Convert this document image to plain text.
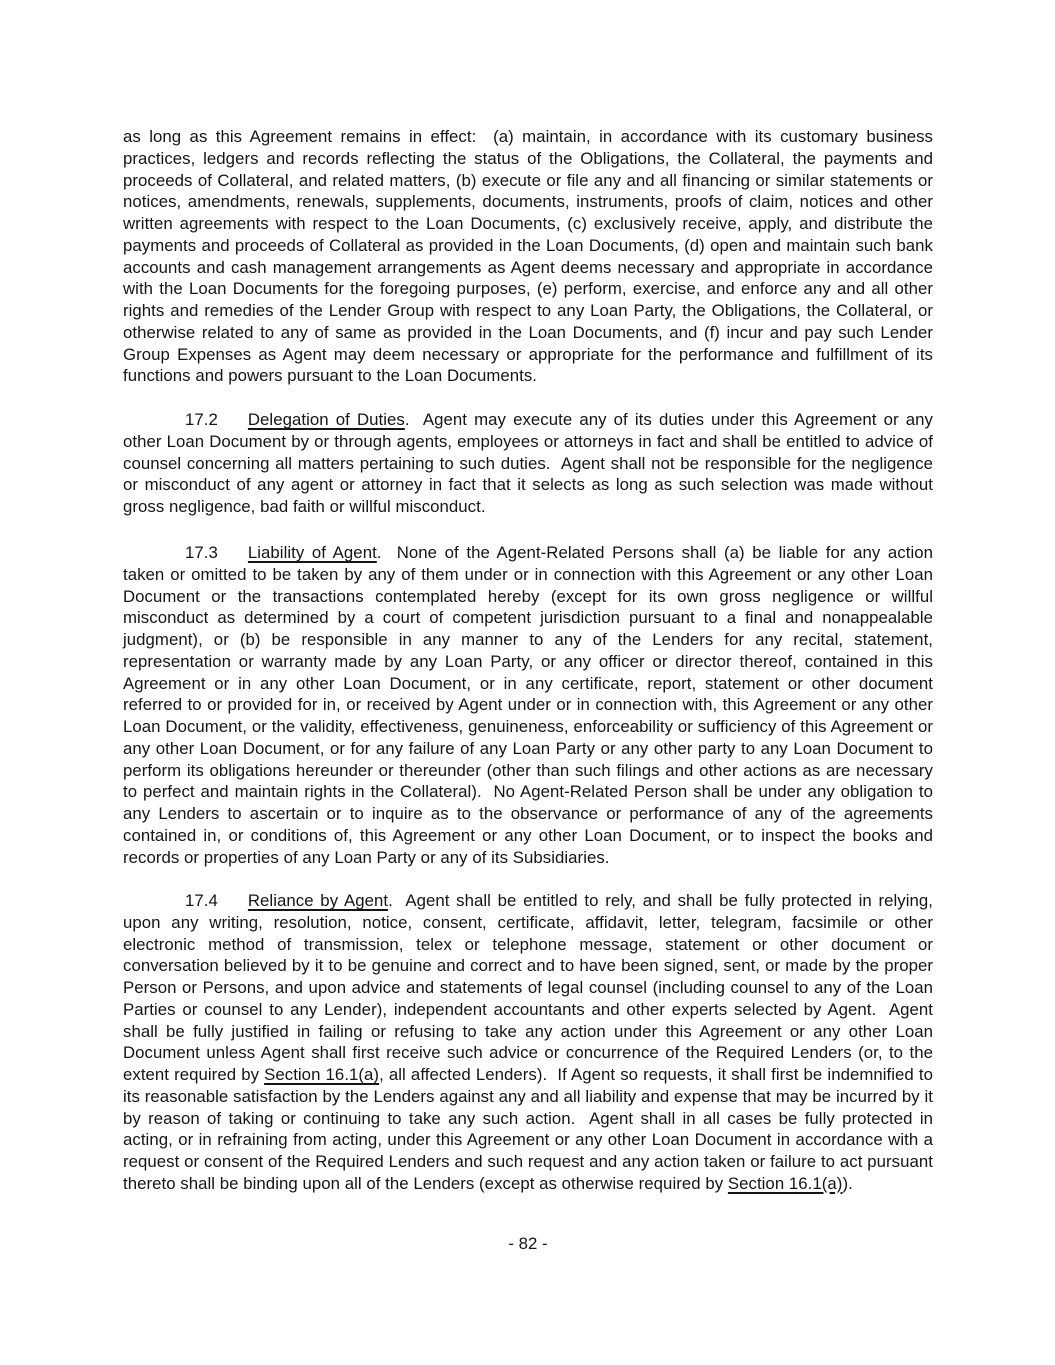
as long as this Agreement remains in effect:  (a) maintain, in accordance with its customary business practices, ledgers and records reflecting the status of the Obligations, the Collateral, the payments and proceeds of Collateral, and related matters, (b) execute or file any and all financing or similar statements or notices, amendments, renewals, supplements, documents, instruments, proofs of claim, notices and other written agreements with respect to the Loan Documents, (c) exclusively receive, apply, and distribute the payments and proceeds of Collateral as provided in the Loan Documents, (d) open and maintain such bank accounts and cash management arrangements as Agent deems necessary and appropriate in accordance with the Loan Documents for the foregoing purposes, (e) perform, exercise, and enforce any and all other rights and remedies of the Lender Group with respect to any Loan Party, the Obligations, the Collateral, or otherwise related to any of same as provided in the Loan Documents, and (f) incur and pay such Lender Group Expenses as Agent may deem necessary or appropriate for the performance and fulfillment of its functions and powers pursuant to the Loan Documents.

17.2 Delegation of Duties.  Agent may execute any of its duties under this Agreement or any other Loan Document by or through agents, employees or attorneys in fact and shall be entitled to advice of counsel concerning all matters pertaining to such duties.  Agent shall not be responsible for the negligence or misconduct of any agent or attorney in fact that it selects as long as such selection was made without gross negligence, bad faith or willful misconduct.

17.3 Liability of Agent.  None of the Agent-Related Persons shall (a) be liable for any action taken or omitted to be taken by any of them under or in connection with this Agreement or any other Loan Document or the transactions contemplated hereby (except for its own gross negligence or willful misconduct as determined by a court of competent jurisdiction pursuant to a final and nonappealable judgment), or (b) be responsible in any manner to any of the Lenders for any recital, statement, representation or warranty made by any Loan Party, or any officer or director thereof, contained in this Agreement or in any other Loan Document, or in any certificate, report, statement or other document referred to or provided for in, or received by Agent under or in connection with, this Agreement or any other Loan Document, or the validity, effectiveness, genuineness, enforceability or sufficiency of this Agreement or any other Loan Document, or for any failure of any Loan Party or any other party to any Loan Document to perform its obligations hereunder or thereunder (other than such filings and other actions as are necessary to perfect and maintain rights in the Collateral).  No Agent-Related Person shall be under any obligation to any Lenders to ascertain or to inquire as to the observance or performance of any of the agreements contained in, or conditions of, this Agreement or any other Loan Document, or to inspect the books and records or properties of any Loan Party or any of its Subsidiaries.

17.4 Reliance by Agent.  Agent shall be entitled to rely, and shall be fully protected in relying, upon any writing, resolution, notice, consent, certificate, affidavit, letter, telegram, facsimile or other electronic method of transmission, telex or telephone message, statement or other document or conversation believed by it to be genuine and correct and to have been signed, sent, or made by the proper Person or Persons, and upon advice and statements of legal counsel (including counsel to any of the Loan Parties or counsel to any Lender), independent accountants and other experts selected by Agent.  Agent shall be fully justified in failing or refusing to take any action under this Agreement or any other Loan Document unless Agent shall first receive such advice or concurrence of the Required Lenders (or, to the extent required by Section 16.1(a), all affected Lenders).  If Agent so requests, it shall first be indemnified to its reasonable satisfaction by the Lenders against any and all liability and expense that may be incurred by it by reason of taking or continuing to take any such action.  Agent shall in all cases be fully protected in acting, or in refraining from acting, under this Agreement or any other Loan Document in accordance with a request or consent of the Required Lenders and such request and any action taken or failure to act pursuant thereto shall be binding upon all of the Lenders (except as otherwise required by Section 16.1(a)).

- 82 -
